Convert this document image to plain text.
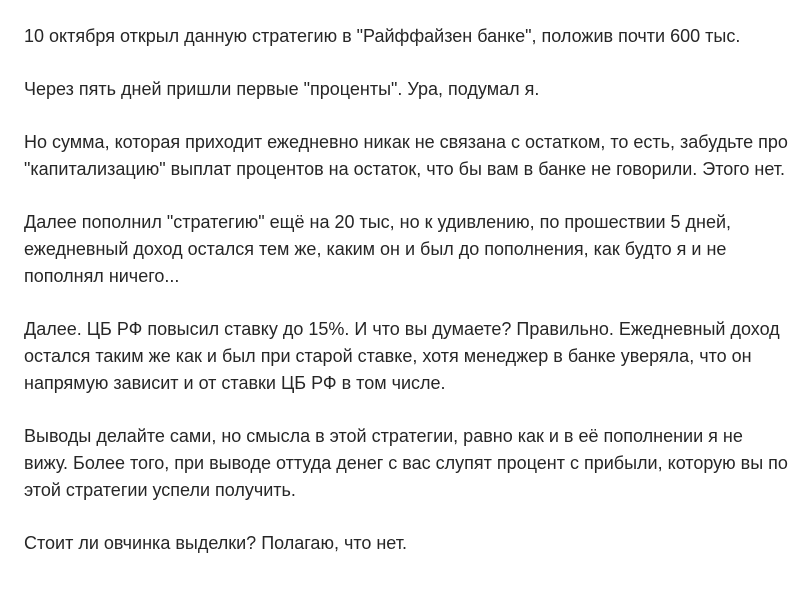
10 октября открыл данную стратегию в "Райффайзен банке", положив почти 600 тыс.

Через пять дней пришли первые "проценты". Ура, подумал я.

Но сумма, которая приходит ежедневно никак не связана с остатком, то есть, забудьте про "капитализацию" выплат процентов на остаток, что бы вам в банке не говорили. Этого нет.

Далее пополнил "стратегию" ещё на 20 тыс, но к удивлению, по прошествии 5 дней, ежедневный доход остался тем же, каким он и был до пополнения, как будто я и не пополнял ничего...

Далее. ЦБ РФ повысил ставку до 15%. И что вы думаете? Правильно. Ежедневный доход остался таким же как и был при старой ставке, хотя менеджер в банке уверяла, что он напрямую зависит и от ставки ЦБ РФ в том числе.

Выводы делайте сами, но смысла в этой стратегии, равно как и в её пополнении я не вижу. Более того, при выводе оттуда денег с вас слупят процент с прибыли, которую вы по этой стратегии успели получить.

Стоит ли овчинка выделки? Полагаю, что нет.
